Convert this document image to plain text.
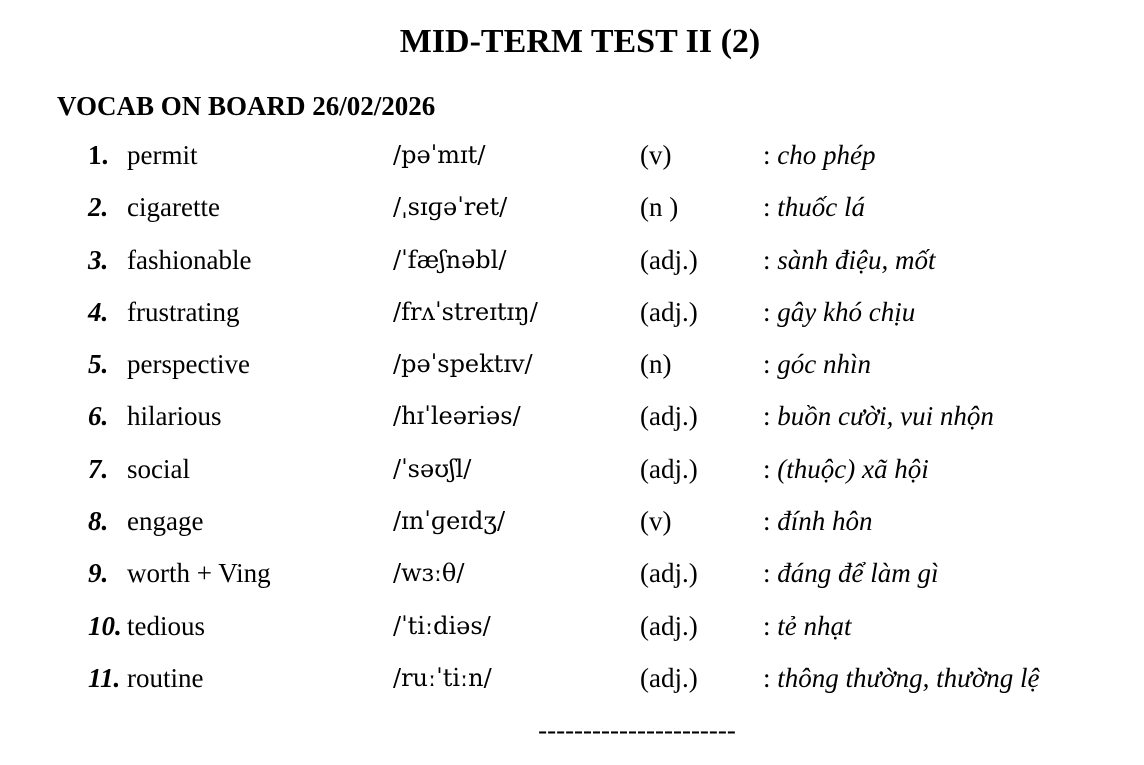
MID-TERM TEST II (2)
VOCAB ON BOARD 26/02/2026
1. permit	/pəˈmɪt/	(v)	: cho phép
2. cigarette	/ˌsɪɡəˈret/	(n )	: thuốc lá
3. fashionable	/ˈfæʃnəbl/	(adj.) : sành điệu, mốt
4. frustrating	/frʌˈstreɪtɪŋ/	(adj.) : gây khó chịu
5. perspective	/pəˈspektɪv/	(n)	: góc nhìn
6. hilarious	/hɪˈleəriəs/	(adj.) : buồn cười, vui nhộn
7. social	/ˈsəʊʃl/	(adj.) : (thuộc) xã hội
8. engage	/ɪnˈɡeɪdʒ/	(v)	: đính hôn
9. worth + Ving	/wɜːθ/	(adj.) : đáng để làm gì
10. tedious	/ˈtiːdiəs/	(adj.) : tẻ nhạt
11. routine	/ruːˈtiːn/	(adj.) : thông thường, thường lệ
----------------------
